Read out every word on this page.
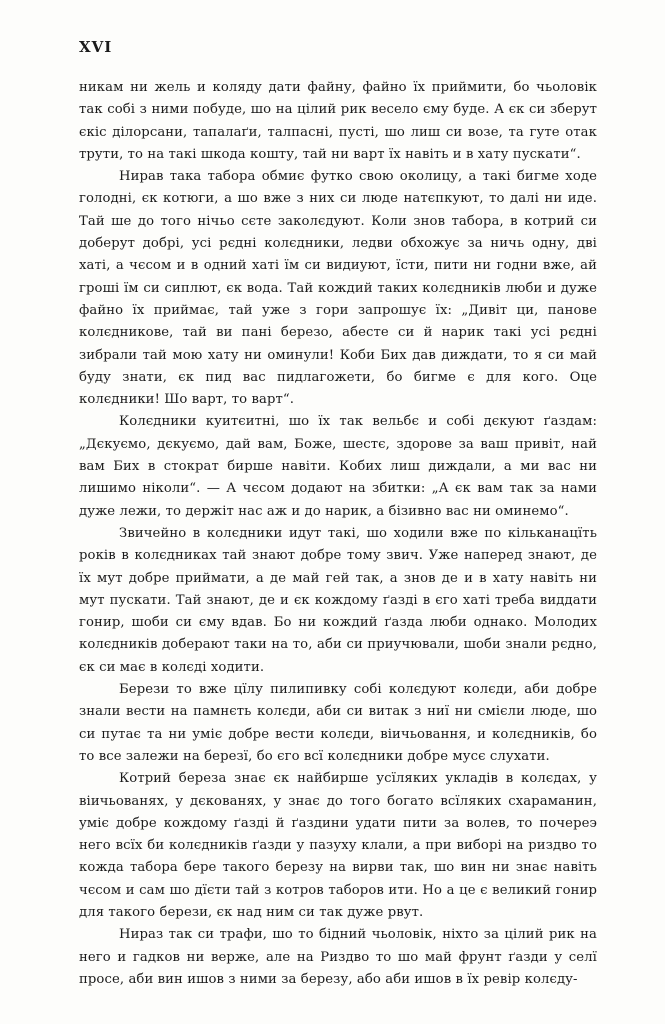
XVI

никам ни жель и коляду дати файну, файно їх приймити, бо чьоловік так собі з ними побуде, шо на цілий рик весело єму буде. А єк си зберут єкіс ділорсани, тапалаґи, талпасні, пусті, шо лиш си возе, та гуте отак трути, то на такі шкода кошту, тай ни варт їх навіть и в хату пускати“.

Нирав така табора обмиє футко свою околицу, а такі бигме ходе голодні, єк котюги, а шо вже з них си люде натєпкуют, то далі ни иде. Тай ше до того нічьо сєте заколєдуют. Коли знов табора, в котрий си доберут добрі, усі рєдні колєдники, ледви обхожує за ничь одну, дві хаті, а чєсом и в одний хаті їм си видиуют, їсти, пити ни годни вже, ай гроші їм си сиплют, єк вода. Тай кождий таких колєдників люби и дуже файно їх приймає, тай уже з гори запрошує їх: „Дивіт ци, панове колєдникове, тай ви пані березо, абесте си й нарик такі усі рєдні зибрали тай мою хату ни оминули! Коби Бих дав диждати, то я си май буду знати, єк пид вас пидлагожети, бо бигме є для кого. Оце колєдники! Шо варт, то варт“.

Колєдники куитєитні, шо їх так вельбє и собі дєкуют ґаздам: „Дєкуємо, дєкуємо, дай вам, Боже, шестє, здорове за ваш привіт, най вам Бих в стократ бирше навіти. Кобих лиш диждали, а ми вас ни лишимо ніколи“. — А чєсом додают на збитки: „А єк вам так за нами дуже лежи, то держіт нас аж и до нарик, а бізивно вас ни оминемо“.

Звичейно в колєдники идут такі, шо ходили вже по кільканацїть років в колєдниках тай знают добре тому звич. Уже напеpед знают, де їх мут добре приймати, а де май гей так, а знов де и в хату навіть ни мут пускати. Тай знают, де и єк кождому ґазді в єго хаті треба виддати гонир, шоби си єму вдав. Бо ни кождий ґазда люби однако. Молодих колєдників доберают таки на то, аби си приучювали, шоби знали рєдно, єк си має в колєді ходити.

Берези то вже цїлу пилипивку собі колєдуют колєди, аби добре знали вести на памнєть колєди, аби си витак з ниї ни смієли люде, шо си путає та ни уміє добре вести колєди, віичьовання, и колєдників, бо то все залежи на березї, бо єго всї колєдники добре мусє слухати.

Котрий береза знає єк найбирше усїляких укладів в колєдах, у віичьованях, у дєкованях, у знає до того богато всїляких схараманин, уміє добре кождому ґазді й ґаздини удати пити за волев, то почереэ него всїх би колєдників ґазди у пазуху клали, а при виборі на риздво то кожда табора бере такого березу на вирви так, шо вин ни знає навіть чєсом и сам шо дїєти тай з котров таборов ити. Но а це є великий гонир для такого берези, єк над ним си так дуже рвут.

Нираз так си трафи, шо то бідний чьоловік, ніхто за цілий рик на него и гадков ни верже, але на Риздво то шо май фрунт ґазди у селї просе, аби вин ишов з ними за березу, або аби ишов в їх ревір колєду-
